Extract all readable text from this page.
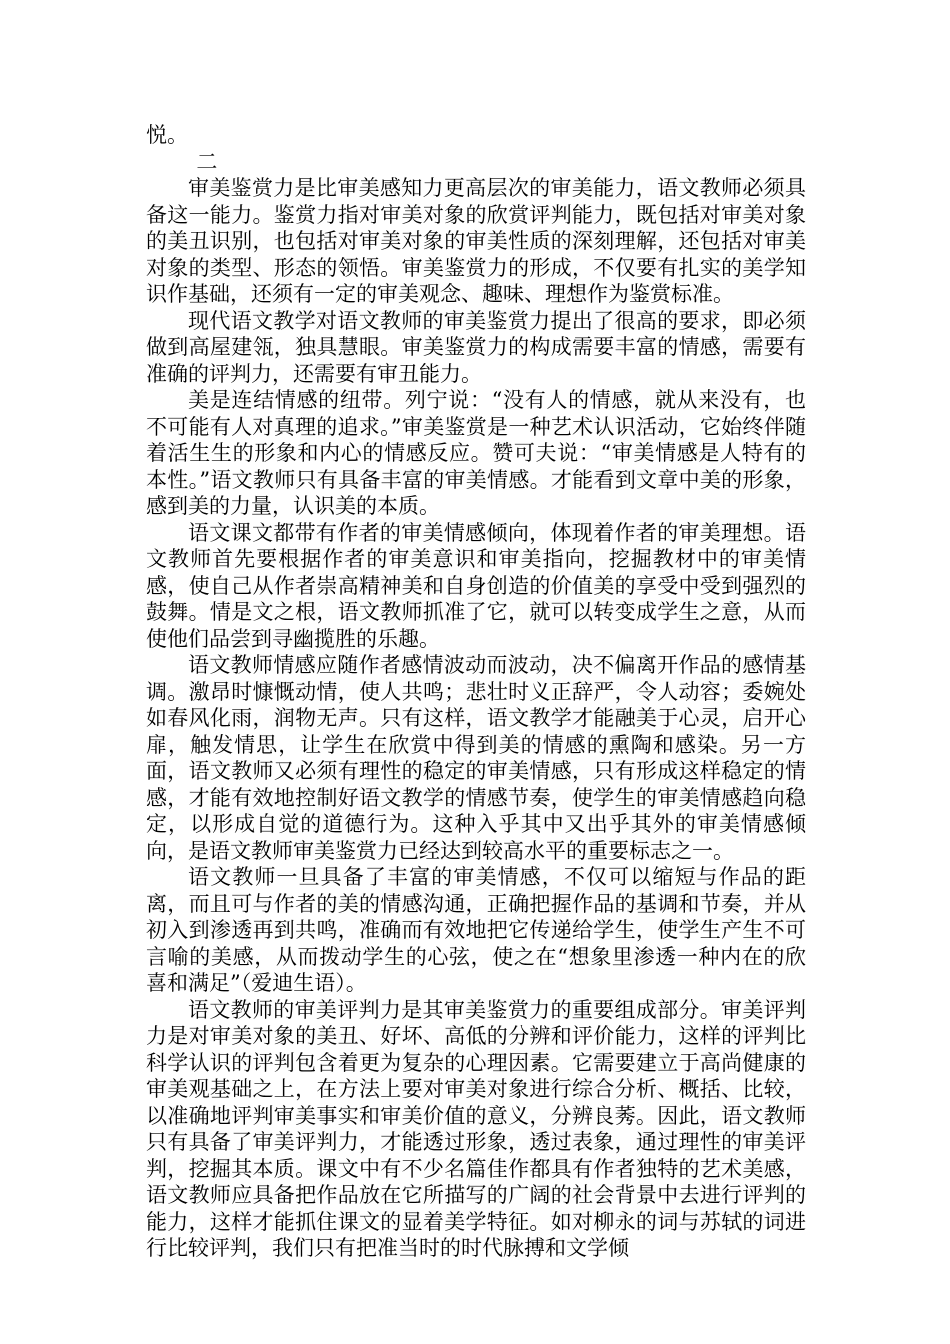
悦。

二

审美鉴赏力是比审美感知力更高层次的审美能力，语文教师必须具备这一能力。鉴赏力指对审美对象的欣赏评判能力，既包括对审美对象的美丑识别，也包括对审美对象的审美性质的深刻理解，还包括对审美对象的类型、形态的领悟。审美鉴赏力的形成，不仅要有扎实的美学知识作基础，还须有一定的审美观念、趣味、理想作为鉴赏标准。

现代语文教学对语文教师的审美鉴赏力提出了很高的要求，即必须做到高屋建瓴，独具慧眼。审美鉴赏力的构成需要丰富的情感，需要有准确的评判力，还需要有审丑能力。

美是连结情感的纽带。列宁说：“没有人的情感，就从来没有，也不可能有人对真理的追求。”审美鉴赏是一种艺术认识活动，它始终伴随着活生生的形象和内心的情感反应。赞可夫说：“审美情感是人特有的本性。”语文教师只有具备丰富的审美情感。才能看到文章中美的形象，感到美的力量，认识美的本质。

语文课文都带有作者的审美情感倾向，体现着作者的审美理想。语文教师首先要根据作者的审美意识和审美指向，挖掘教材中的审美情感，使自己从作者崇高精神美和自身创造的价值美的享受中受到强烈的鼓舞。情是文之根，语文教师抓准了它，就可以转变成学生之意，从而使他们品尝到寻幽揽胜的乐趣。

语文教师情感应随作者感情波动而波动，决不偏离开作品的感情基调。激昂时慷慨动情，使人共鸣；悲壮时义正辞严，令人动容；委婉处如春风化雨，润物无声。只有这样，语文教学才能融美于心灵，启开心扉，触发情思，让学生在欣赏中得到美的情感的熏陶和感染。另一方面，语文教师又必须有理性的稳定的审美情感，只有形成这样稳定的情感，才能有效地控制好语文教学的情感节奏，使学生的审美情感趋向稳定，以形成自觉的道德行为。这种入乎其中又出乎其外的审美情感倾向，是语文教师审美鉴赏力已经达到较高水平的重要标志之一。

语文教师一旦具备了丰富的审美情感，不仅可以缩短与作品的距离，而且可与作者的美的情感沟通，正确把握作品的基调和节奏，并从初入到渗透再到共鸣，准确而有效地把它传递给学生，使学生产生不可言喻的美感，从而拨动学生的心弦，使之在“想象里渗透一种内在的欣喜和满足”（爱迪生语）。

语文教师的审美评判力是其审美鉴赏力的重要组成部分。审美评判力是对审美对象的美丑、好坏、高低的分辨和评价能力，这样的评判比科学认识的评判包含着更为复杂的心理因素。它需要建立于高尚健康的审美观基础之上，在方法上要对审美对象进行综合分析、概括、比较，以准确地评判审美事实和审美价值的意义，分辨良莠。因此，语文教师只有具备了审美评判力，才能透过形象，透过表象，通过理性的审美评判，挖掘其本质。课文中有不少名篇佳作都具有作者独特的艺术美感，语文教师应具备把作品放在它所描写的广阔的社会背景中去进行评判的能力，这样才能抓住课文的显着美学特征。如对柳永的词与苏轼的词进行比较评判，我们只有把准当时的时代脉搏和文学倾
